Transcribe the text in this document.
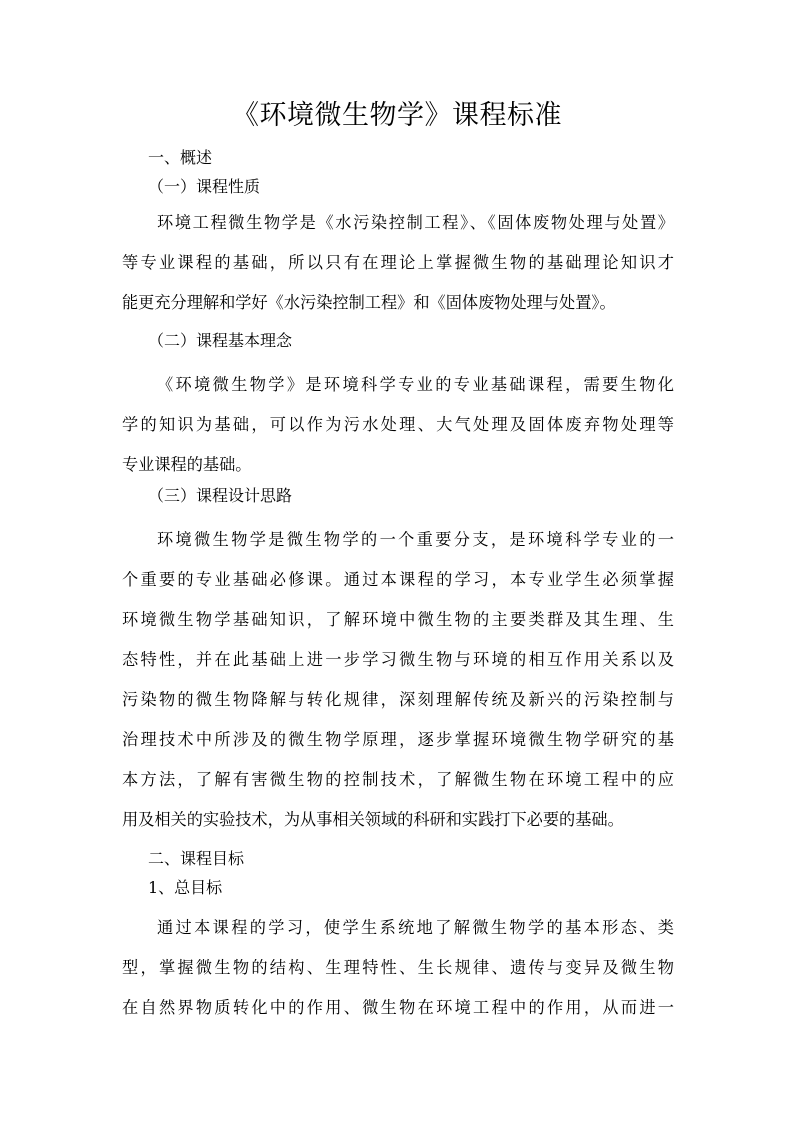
《环境微生物学》课程标准
一、概述
（一）课程性质
环境工程微生物学是《水污染控制工程》、《固体废物处理与处置》
等专业课程的基础，所以只有在理论上掌握微生物的基础理论知识才
能更充分理解和学好《水污染控制工程》和《固体废物处理与处置》。
（二）课程基本理念
《环境微生物学》是环境科学专业的专业基础课程，需要生物化
学的知识为基础，可以作为污水处理、大气处理及固体废弃物处理等
专业课程的基础。
（三）课程设计思路
环境微生物学是微生物学的一个重要分支，是环境科学专业的一
个重要的专业基础必修课。通过本课程的学习，本专业学生必须掌握
环境微生物学基础知识，了解环境中微生物的主要类群及其生理、生
态特性，并在此基础上进一步学习微生物与环境的相互作用关系以及
污染物的微生物降解与转化规律，深刻理解传统及新兴的污染控制与
治理技术中所涉及的微生物学原理，逐步掌握环境微生物学研究的基
本方法，了解有害微生物的控制技术，了解微生物在环境工程中的应
用及相关的实验技术，为从事相关领域的科研和实践打下必要的基础。
二、课程目标
1、总目标
通过本课程的学习，使学生系统地了解微生物学的基本形态、类
型，掌握微生物的结构、生理特性、生长规律、遗传与变异及微生物
在自然界物质转化中的作用、微生物在环境工程中的作用，从而进一
